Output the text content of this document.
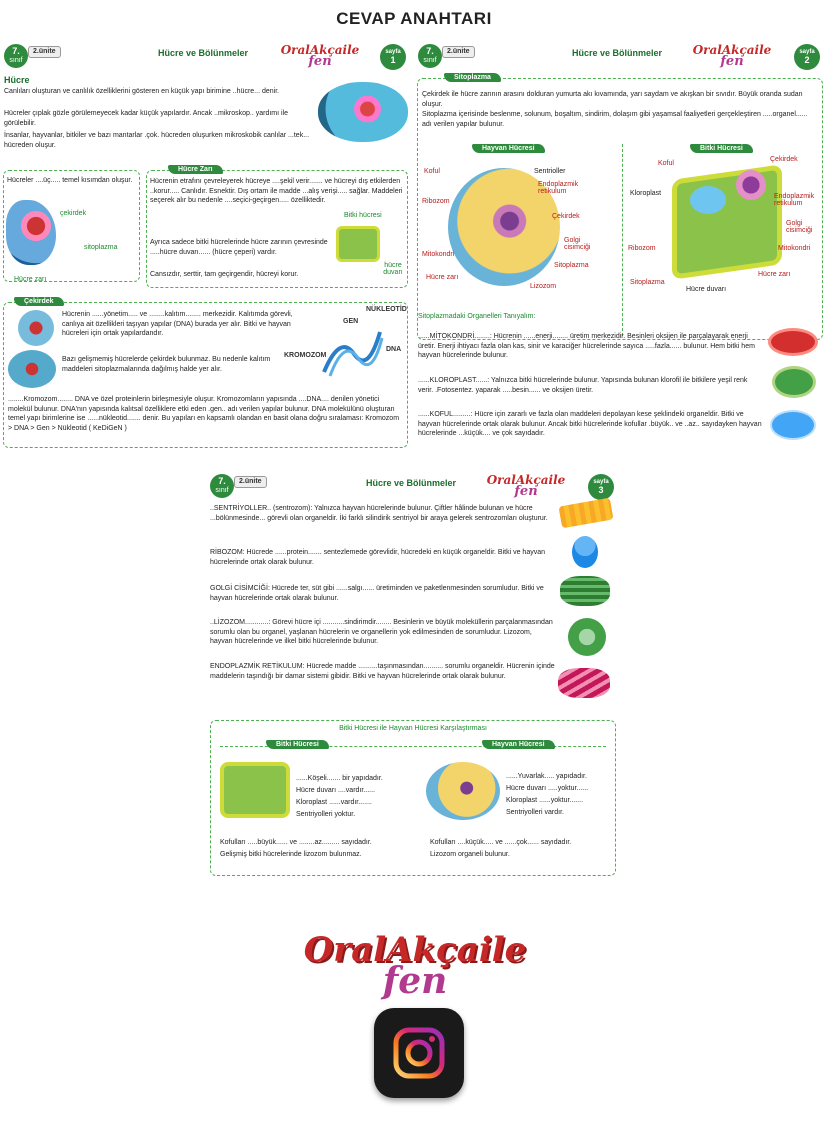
CEVAP ANAHTARI
7.
sınıf
2.ünite	Hücre ve Bölünmeler	OralAkçaile
fen
sayfa
1
Hücre
Canlıları oluşturan ve canlılık özelliklerini gösteren en küçük yapı birimine ..hücre... denir.
Hücreler çıplak gözle görülemeyecek kadar küçük yapılardır. Ancak ..mikroskop.. yardımı ile görülebilir.
İnsanlar, hayvanlar, bitkiler ve bazı mantarlar .çok. hücreden oluşurken mikroskobik canlılar ...tek... hücreden oluşur.
Hücreler ....üç..... temel kısımdan oluşur.
çekirdek
sitoplazma
Hücre zarı
Hücre Zarı
Hücrenin etrafını çevreleyerek hücreye ....şekil verir....... ve hücreyi dış etkilerden ..korur..... Canlıdır. Esnektir. Dış ortam ile madde ...alış verişi..... sağlar. Maddeleri seçerek alır bu nedenle ....seçici-geçirgen..... özelliktedir.
Ayrıca sadece bitki hücrelerinde hücre zarının çevresinde .....hücre duvarı...... (hücre çeperi) vardır.
Cansızdır, serttir, tam geçirgendir, hücreyi korur.
Bitki hücresi
hücre duvarı
Çekirdek
Hücrenin ......yönetim..... ve ........kalıtım........ merkezidir. Kalıtımda görevli, canlıya ait özellikleri taşıyan yapılar (DNA) burada yer alır. Bitki ve hayvan hücreleri için ortak yapılardandır.
Bazı gelişmemiş hücrelerde çekirdek bulunmaz. Bu nedenle kalıtım maddeleri sitoplazmalarında dağılmış halde yer alır.
........Kromozom........ DNA ve özel proteinlerin birleşmesiyle oluşur. Kromozomların yapısında ....DNA.... denilen yönetici molekül bulunur. DNA'nın yapısında kalıtsal özelliklere etki eden .gen.. adı verilen yapılar bulunur. DNA molekülünü oluşturan temel yapı birimlerine ise ......nükleotid....... denir. Bu yapıları en kapsamlı olandan en basit olana doğru sıralaması: Kromozom > DNA > Gen > Nükleotid ( KeDiGeN )
NÜKLEOTİD
GEN
DNA
KROMOZOM
7.
sınıf
2.ünite	Hücre ve Bölünmeler	OralAkçaile
fen
sayfa
2
Sitoplazma
Çekirdek ile hücre zarının arasını dolduran yumurta akı kıvamında, yarı saydam ve akışkan bir sıvıdır. Büyük oranda sudan oluşur.
Sitoplazma içerisinde beslenme, solunum, boşaltım, sindirim, dolaşım gibi yaşamsal faaliyetleri gerçekleştiren .....organel...... adı verilen yapılar bulunur.
Hayvan Hücresi	Bitki Hücresi
Koful	Sentrioller
Endoplazmik retikulum
Ribozom
Çekirdek
Golgi cisimciği
Mitokondri
Sitoplazma
Hücre zarı
Lizozom
Koful
Çekirdek
Kloroplast	Endoplazmik retikulum
Golgi cisimciği
Ribozom	Mitokondri
Hücre zarı
Sitoplazma
Hücre duvarı
Sitoplazmadaki Organelleri Tanıyalım:
......MİTOKONDRİ........: Hücrenin ......enerji........ üretim merkezidir. Besinleri oksijen ile parçalayarak enerji üretir. Enerji ihtiyacı fazla olan kas, sinir ve karaciğer hücrelerinde sayıca .....fazla...... bulunur. Hem bitki hem hayvan hücrelerinde bulunur.
......KLOROPLAST......: Yalnızca bitki hücrelerinde bulunur. Yapısında bulunan klorofil ile bitkilere yeşil renk verir. .Fotosentez. yaparak .....besin...... ve oksijen üretir.
......KOFUL.........: Hücre için zararlı ve fazla olan maddeleri depolayan kese şeklindeki organeldir. Bitki ve hayvan hücrelerinde ortak olarak bulunur. Ancak bitki hücrelerinde kofullar .büyük.. ve ..az.. sayıdayken hayvan hücrelerinde ...küçük.... ve çok sayıdadır.
7.
sınıf
2.ünite	Hücre ve Bölünmeler	OralAkçaile
fen
sayfa
3
..SENTRİYOLLER.. (sentrozom): Yalnızca hayvan hücrelerinde bulunur. Çiftler hâlinde bulunan ve hücre ...bölünmesinde... görevli olan organeldir. İki farklı silindirik sentriyol bir araya gelerek sentrozomları oluşturur.
RİBOZOM: Hücrede ......protein....... sentezlemede görevlidir, hücredeki en küçük organeldir. Bitki ve hayvan hücrelerinde ortak olarak bulunur.
GOLGİ CİSİMCİĞİ: Hücrede ter, süt gibi ......salgı...... üretiminden ve paketlenmesinden sorumludur. Bitki ve hayvan hücrelerinde ortak olarak bulunur.
..LİZOZOM............: Görevi hücre içi ...........sindirimdir........ Besinlerin ve büyük moleküllerin parçalanmasından sorumlu olan bu organel, yaşlanan hücrelerin ve organellerin yok edilmesinden de sorumludur. Lizozom, hayvan hücrelerinde ve ilkel bitki hücrelerinde bulunur.
ENDOPLAZMİK RETİKULUM: Hücrede madde ..........taşınmasından.......... sorumlu organeldir. Hücrenin içinde maddelerin taşındığı bir damar sistemi gibidir. Bitki ve hayvan hücrelerinde ortak olarak bulunur.
Bitki Hücresi ile Hayvan Hücresi Karşılaştırması
Bitki Hücresi	Hayvan Hücresi
......Köşeli....... bir yapıdadır.
Hücre duvarı ....vardır......
Kloroplast ......vardır.......
Sentriyolleri yoktur.
......Yuvarlak..... yapıdadır.
Hücre duvarı .....yoktur......
Kloroplast ......yoktur.......
Sentriyolleri vardır.
Kofulları .....büyük...... ve ........az......... sayıdadır.
Gelişmiş bitki hücrelerinde lizozom bulunmaz.
Kofulları ....küçük..... ve ......çok...... sayıdadır.
Lizozom organeli bulunur.
OralAkçaile
fen
